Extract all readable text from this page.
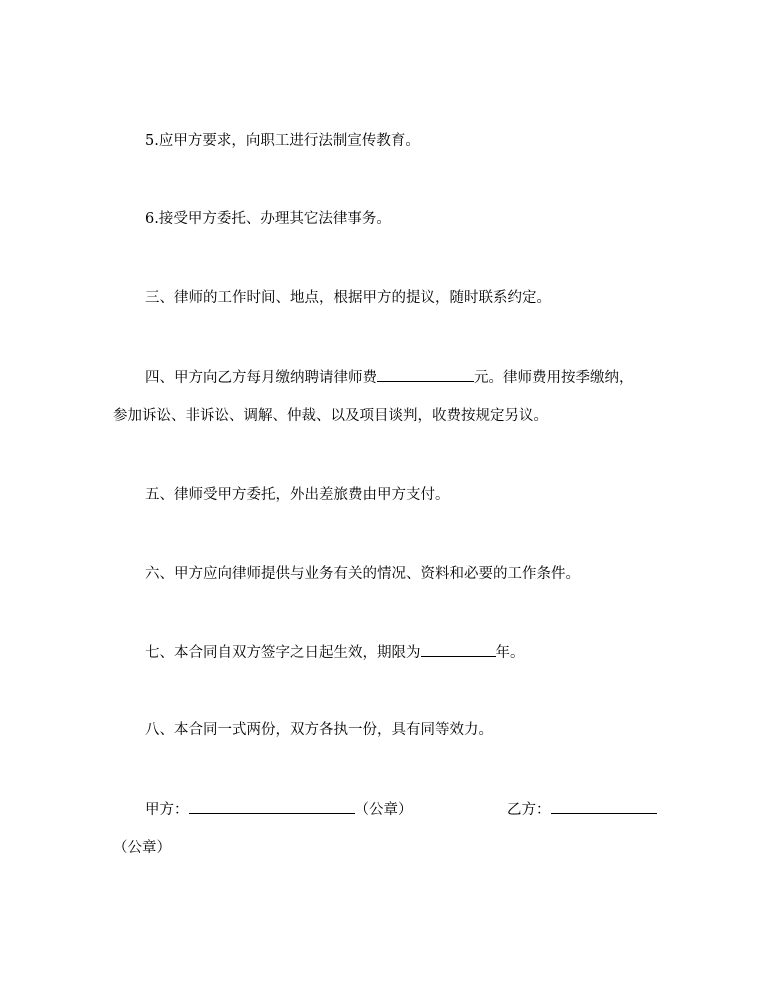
5.应甲方要求，向职工进行法制宣传教育。
6.接受甲方委托、办理其它法律事务。
三、律师的工作时间、地点，根据甲方的提议，随时联系约定。
四、甲方向乙方每月缴纳聘请律师费	元。律师费用按季缴纳，
参加诉讼、非诉讼、调解、仲裁、以及项目谈判，收费按规定另议。
五、律师受甲方委托，外出差旅费由甲方支付。
六、甲方应向律师提供与业务有关的情况、资料和必要的工作条件。
七、本合同自双方签字之日起生效，期限为	年。
八、本合同一式两份，双方各执一份，具有同等效力。
甲方：	（公章）	乙方：
（公章）
